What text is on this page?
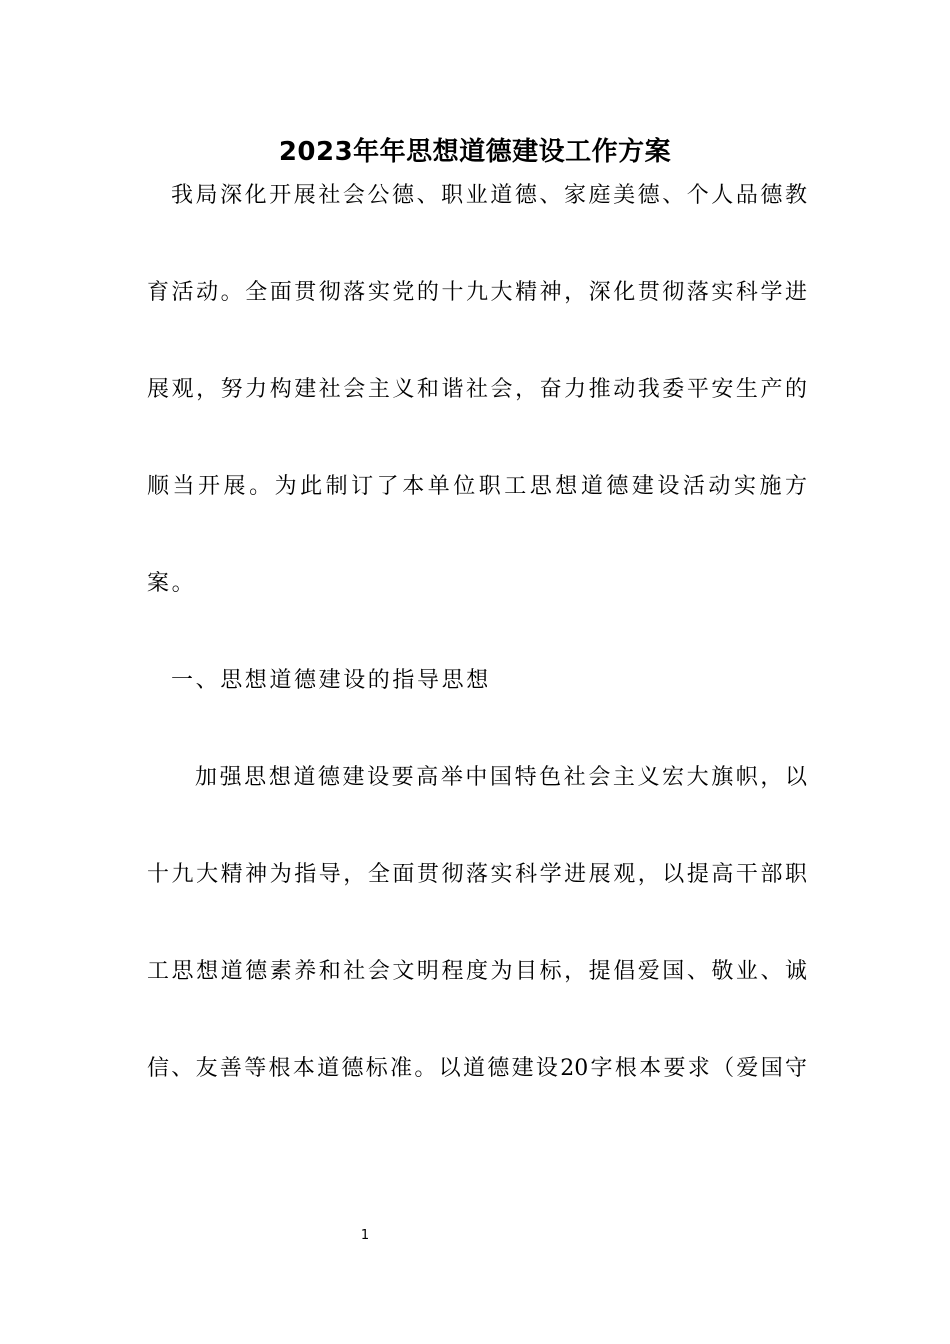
2023年年思想道德建设工作方案
我局深化开展社会公德、职业道德、家庭美德、个人品德教
育活动。全面贯彻落实党的十九大精神，深化贯彻落实科学进
展观，努力构建社会主义和谐社会，奋力推动我委平安生产的
顺当开展。为此制订了本单位职工思想道德建设活动实施方
案。
一、思想道德建设的指导思想
加强思想道德建设要高举中国特色社会主义宏大旗帜，以
十九大精神为指导，全面贯彻落实科学进展观，以提高干部职
工思想道德素养和社会文明程度为目标，提倡爱国、敬业、诚
信、友善等根本道德标准。以道德建设20字根本要求（爱国守
1
